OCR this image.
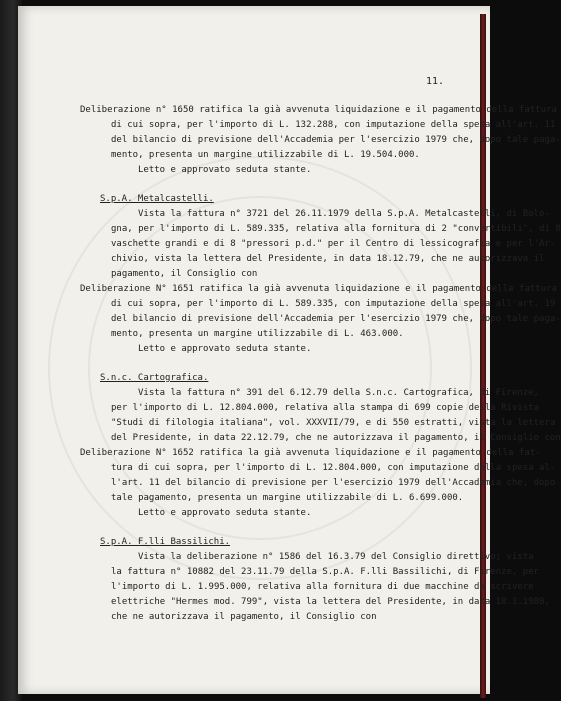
11.
Deliberazione n° 1650 ratifica la già avvenuta liquidazione e il pagamento della fattura
di cui sopra, per l'importo di L. 132.288, con imputazione della spesa all'art. 11
del bilancio di previsione dell'Accademia per l'esercizio 1979 che, dopo tale paga-
mento, presenta un margine utilizzabile di L. 19.504.000.
Letto e approvato seduta stante.
S.p.A. Metalcastelli.
Vista la fattura n° 3721 del 26.11.1979 della S.p.A. Metalcastelli, di Bolo-
gna, per l'importo di L. 589.335, relativa alla fornitura di 2 "convertibili", di 8
vaschette grandi e di 8 "pressori p.d." per il Centro di lessicografia e per l'Ar-
chivio, vista la lettera del Presidente, in data 18.12.79, che ne autorizzava il
pagamento, il Consiglio con
Deliberazione N° 1651 ratifica la già avvenuta liquidazione e il pagamento della fattura
di cui sopra, per l'importo di L. 589.335, con imputazione della spesa all'art. 19
del bilancio di previsione dell'Accademia per l'esercizio 1979 che, dopo tale paga-
mento, presenta un margine utilizzabile di L. 463.000.
Letto e approvato seduta stante.
S.n.c. Cartografica.
Vista la fattura n° 391 del 6.12.79 della S.n.c. Cartografica, di Firenze,
per l'importo di L. 12.804.000, relativa alla stampa di 699 copie della Rivista
"Studi di filologia italiana", vol. XXXVII/79, e di 550 estratti, vista la lettera
del Presidente, in data 22.12.79, che ne autorizzava il pagamento, il Consiglio con
Deliberazione N° 1652 ratifica la già avvenuta liquidazione e il pagamento della fat-
tura di cui sopra, per l'importo di L. 12.804.000, con imputazione della spesa al-
l'art. 11 del bilancio di previsione per l'esercizio 1979 dell'Accademia che, dopo
tale pagamento, presenta un margine utilizzabile di L. 6.699.000.
Letto e approvato seduta stante.
S.p.A. F.lli Bassilichi.
Vista la deliberazione n° 1586 del 16.3.79 del Consiglio direttivo; vista
la fattura n° 10882 del 23.11.79 della S.p.A. F.lli Bassilichi, di Firenze, per
l'importo di L. 1.995.000, relativa alla fornitura di due macchine da scrivere
elettriche "Hermes mod. 799", vista la lettera del Presidente, in data 18.1.1980,
che ne autorizzava il pagamento, il Consiglio con
